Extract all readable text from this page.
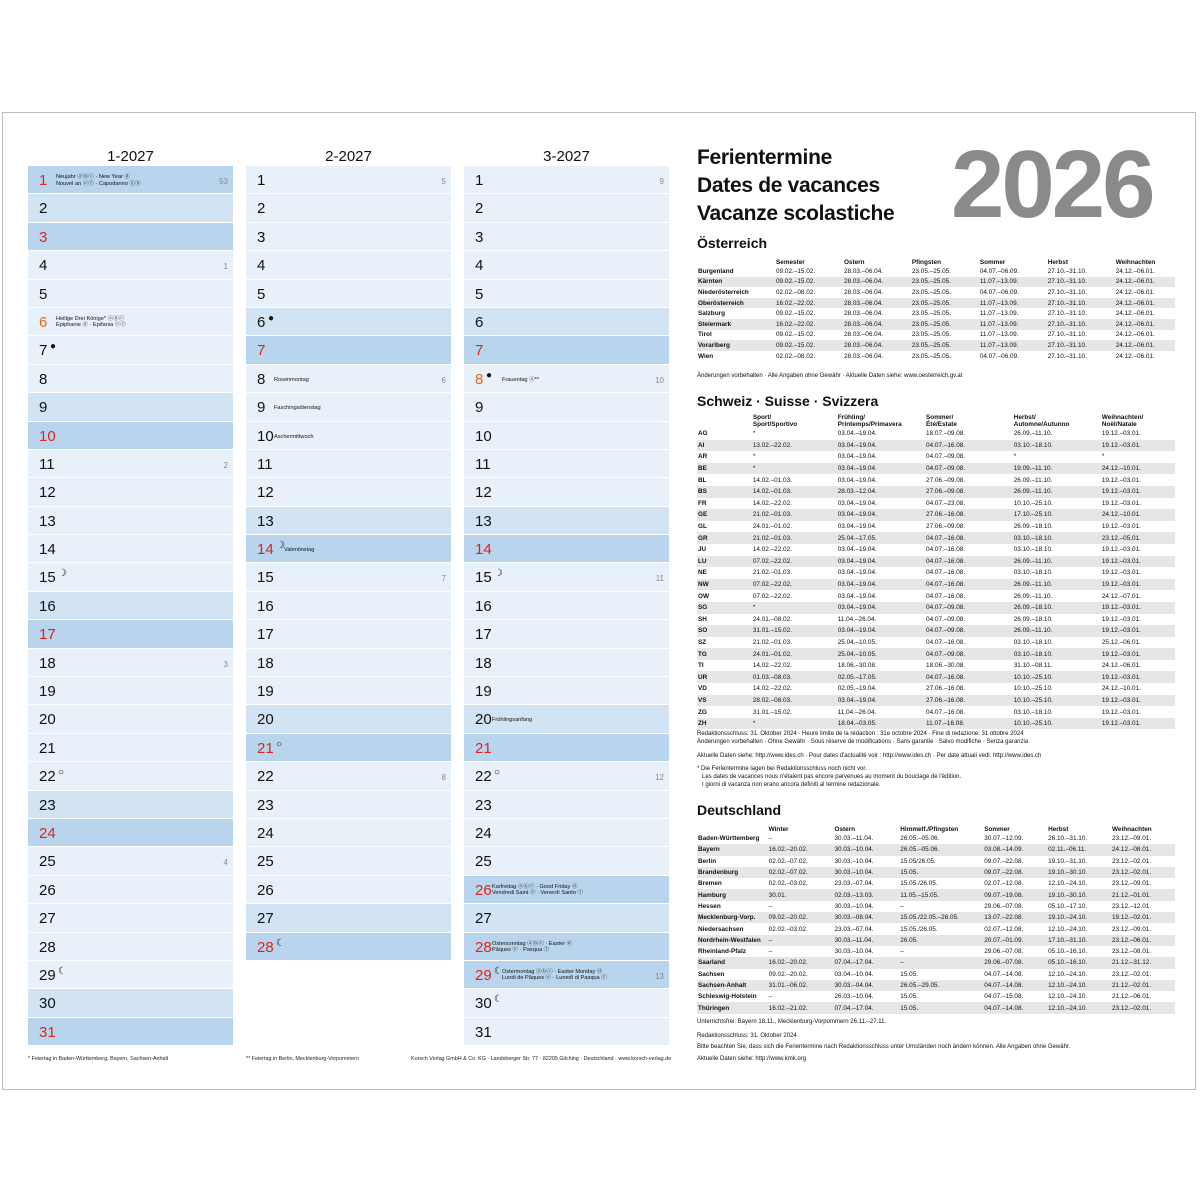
1-2027
1 Neujahr ⓐⓑⓒ · New Year ⓓ
Nouvel an ⓔⓕ · Capodanno ⓖⓗ	53
2
3
4	1
5
6 Heilige Drei Könige* ⓐⓑⓒ
Epiphanie ⓓ · Epifania ⓔⓕ
7 ●
8
9
10
11	2
12
13
14
15 ☽
16
17
18	3
19
20
21
22 ○
23
24
25	4
26
27
28
29 ☾
30
31
2-2027
1	5
2
3
4
5
6 ●
7
8 Rosenmontag	6
9 Faschingsdienstag
10 Aschermittwoch
11
12
13
14 ☽ Valentinstag
15	7
16
17
18
19
20
21 ○
22	8
23
24
25
26
27
28 ☾
3-2027
1	9
2
3
4
5
6
7
8 ● Frauentag ⓐ**	10
9
10
11
12
13
14
15 ☽	11
16
17
18
19
20 Frühlingsanfang
21
22 ○	12
23
24
25
26 Karfreitag ⓐⓑⓒ · Good Friday ⓓ
Vendredi Saint ⓔ · Venerdì Santo ⓕ
27
28 Ostersonntag ⓐⓑⓒ · Easter ⓓ
Pâques ⓔ · Pasqua ⓕ
29 ☾ Ostermontag ⓐⓑⓒ · Easter Monday ⓓ
Lundi de Pâques ⓔ · Lunedì di Pasqua ⓕ	13
30 ☾
31
* Feiertag in Baden-Württemberg, Bayern, Sachsen-Anhalt	** Feiertag in Berlin, Mecklenburg-Vorpommern	Korsch Verlag GmbH & Co. KG · Landsberger Str. 77 · 82205 Gilching · Deutschland · www.korsch-verlag.de
Ferientermine
Dates de vacances
Vacanze scolastiche 2026
Österreich
	Semester	Ostern	Pfingsten	Sommer	Herbst	Weihnachten
Burgenland	09.02.–15.02.	28.03.–06.04.	23.05.–25.05.	04.07.–06.09.	27.10.–31.10.	24.12.–06.01.
Kärnten	09.02.–15.02.	28.03.–06.04.	23.05.–25.05.	11.07.–13.09.	27.10.–31.10.	24.12.–06.01.
Niederösterreich	02.02.–08.02.	28.03.–06.04.	23.05.–25.05.	04.07.–06.09.	27.10.–31.10.	24.12.–06.01.
Oberösterreich	16.02.–22.02.	28.03.–06.04.	23.05.–25.05.	11.07.–13.09.	27.10.–31.10.	24.12.–06.01.
Salzburg	09.02.–15.02.	28.03.–06.04.	23.05.–25.05.	11.07.–13.09.	27.10.–31.10.	24.12.–06.01.
Steiermark	16.02.–22.02.	28.03.–06.04.	23.05.–25.05.	11.07.–13.09.	27.10.–31.10.	24.12.–06.01.
Tirol	09.02.–15.02.	28.03.–06.04.	23.05.–25.05.	11.07.–13.09.	27.10.–31.10.	24.12.–06.01.
Vorarlberg	09.02.–15.02.	28.03.–06.04.	23.05.–25.05.	11.07.–13.09.	27.10.–31.10.	24.12.–06.01.
Wien	02.02.–08.02.	28.03.–06.04.	23.05.–25.05.	04.07.–06.09.	27.10.–31.10.	24.12.–06.01.
Änderungen vorbehalten · Alle Angaben ohne Gewähr · Aktuelle Daten siehe: www.oesterreich.gv.at
Schweiz · Suisse · Svizzera
	Sport/
Sport/Sportivo	Frühling/
Printemps/Primavera	Sommer/
Été/Estate	Herbst/
Automne/Autunno	Weihnachten/
Noël/Natale
AG	*	03.04.–19.04.	18.07.–09.08.	26.09.–11.10.	19.12.–03.01.
AI	13.02.–22.02.	03.04.–19.04.	04.07.–16.08.	03.10.–18.10.	19.12.–03.01.
AR	*	03.04.–19.04.	04.07.–09.08.	*	*
BE	*	03.04.–19.04.	04.07.–09.08.	19.09.–11.10.	24.12.–10.01.
BL	14.02.–01.03.	03.04.–19.04.	27.06.–09.08.	26.09.–11.10.	19.12.–03.01.
BS	14.02.–01.03.	28.03.–12.04.	27.06.–09.08.	26.09.–11.10.	19.12.–03.01.
FR	14.02.–22.02.	03.04.–19.04.	04.07.–23.08.	10.10.–25.10.	19.12.–03.01.
GE	21.02.–01.03.	03.04.–19.04.	27.06.–16.08.	17.10.–25.10.	24.12.–10.01.
GL	24.01.–01.02.	03.04.–19.04.	27.06.–09.08.	26.09.–18.10.	19.12.–03.01.
GR	21.02.–01.03.	25.04.–17.05.	04.07.–16.08.	03.10.–18.10.	23.12.–05.01.
JU	14.02.–22.02.	03.04.–19.04.	04.07.–16.08.	03.10.–18.10.	19.12.–03.01.
LU	07.02.–22.02.	03.04.–19.04.	04.07.–16.08.	26.09.–11.10.	19.12.–03.01.
NE	21.02.–01.03.	03.04.–19.04.	04.07.–16.08.	03.10.–18.10.	19.12.–03.01.
NW	07.02.–22.02.	03.04.–19.04.	04.07.–16.08.	26.09.–11.10.	19.12.–03.01.
OW	07.02.–22.02.	03.04.–19.04.	04.07.–16.08.	26.09.–11.10.	24.12.–07.01.
SG	*	03.04.–19.04.	04.07.–09.08.	26.09.–18.10.	19.12.–03.01.
SH	24.01.–08.02.	11.04.–26.04.	04.07.–09.08.	26.09.–18.10.	19.12.–03.01.
SO	31.01.–15.02.	03.04.–19.04.	04.07.–09.08.	26.09.–11.10.	19.12.–03.01.
SZ	21.02.–01.03.	25.04.–10.05.	04.07.–16.08.	03.10.–18.10.	25.12.–06.01.
TG	24.01.–01.02.	25.04.–10.05.	04.07.–09.08.	03.10.–18.10.	19.12.–03.01.
TI	14.02.–22.02.	18.06.–30.08.	18.06.–30.08.	31.10.–08.11.	24.12.–06.01.
UR	01.03.–08.03.	02.05.–17.05.	04.07.–16.08.	10.10.–25.10.	19.12.–03.01.
VD	14.02.–22.02.	02.05.–19.04.	27.06.–16.08.	10.10.–25.10.	24.12.–10.01.
VS	28.02.–08.03.	03.04.–19.04.	27.06.–16.08.	10.10.–25.10.	19.12.–03.01.
ZG	31.01.–15.02.	11.04.–26.04.	04.07.–16.08.	03.10.–18.10.	19.12.–03.01.
ZH	*	18.04.–03.05.	11.07.–16.08.	10.10.–25.10.	19.12.–03.01.
Redaktionsschluss: 31. Oktober 2024 · Heure limite de la rédaction : 31e octobre 2024 · Fine di redazione: 31 ottobre 2024
Änderungen vorbehalten · Ohne Gewähr · Sous réserve de modifications · Sans garantie · Salvo modifiche · Senza garanzia
Aktuelle Daten siehe: http://www.ides.ch · Pour dates d'actualité voir : http://www.ides.ch · Per date attuali vedi: http://www.ides.ch
* Die Ferientermine lagen bei Redaktionsschluss noch nicht vor.
Les dates de vacances nous n'étaient pas encore parvenues au moment du bouclage de l'édition.
I giorni di vacanza non erano ancora definiti al termine redazionale.
Deutschland
	Winter	Ostern	Himmelf./Pfingsten	Sommer	Herbst	Weihnachten
Baden-Württemberg	–	30.03.–11.04.	26.05.–05.06.	30.07.–12.09.	26.10.–31.10.	23.12.–09.01.
Bayern	16.02.–20.02.	30.03.–10.04.	26.05.–05.06.	03.08.–14.09.	02.11.–06.11.	24.12.–08.01.
Berlin	02.02.–07.02.	30.03.–10.04.	15.05/26.05.	09.07.–22.08.	19.10.–31.10.	23.12.–02.01.
Brandenburg	02.02.–07.02.	30.03.–10.04.	15.05.	09.07.–22.08.	19.10.–30.10.	23.12.–02.01.
Bremen	02.02.–03.02.	23.03.–07.04.	15.05./26.05.	02.07.–12.08.	12.10.–24.10.	23.12.–09.01.
Hamburg	30.01.	02.03.–13.03.	11.05.–15.05.	09.07.–19.08.	19.10.–30.10.	21.12.–01.01.
Hessen	–	30.03.–10.04.	–	29.06.–07.08.	05.10.–17.10.	23.12.–12.01.
Mecklenburg-Vorp.	09.02.–20.02.	30.03.–08.04.	15.05./22.05.–26.05.	13.07.–22.08.	19.10.–24.10.	19.12.–02.01.
Niedersachsen	02.02.–03.02.	23.03.–07.04.	15.05./26.05.	02.07.–12.08.	12.10.–24.10.	23.12.–09.01.
Nordrhein-Westfalen	–	30.03.–11.04.	26.05.	20.07.–01.09.	17.10.–31.10.	23.12.–06.01.
Rheinland-Pfalz	–	30.03.–10.04.	–	29.06.–07.08.	05.10.–16.10.	23.12.–08.01.
Saarland	16.02.–20.02.	07.04.–17.04.	–	29.06.–07.08.	05.10.–16.10.	21.12.–31.12.
Sachsen	09.02.–20.02.	03.04.–10.04.	15.05.	04.07.–14.08.	12.10.–24.10.	23.12.–02.01.
Sachsen-Anhalt	31.01.–06.02.	30.03.–04.04.	26.05.–29.05.	04.07.–14.08.	12.10.–24.10.	21.12.–02.01.
Schleswig-Holstein	–	26.03.–10.04.	15.05.	04.07.–15.08.	12.10.–24.10.	21.12.–06.01.
Thüringen	16.02.–21.02.	07.04.–17.04.	15.05.	04.07.–14.08.	12.10.–24.10.	23.12.–02.01.
Unterrichtsfrei: Bayern 18.11., Mecklenburg-Vorpommern 26.11.–27.11.
Redaktionsschluss: 31. Oktober 2024
Bitte beachten Sie, dass sich die Ferientermine nach Redaktionsschluss unter Umständen noch ändern können. Alle Angaben ohne Gewähr.
Aktuelle Daten siehe: http://www.kmk.org
